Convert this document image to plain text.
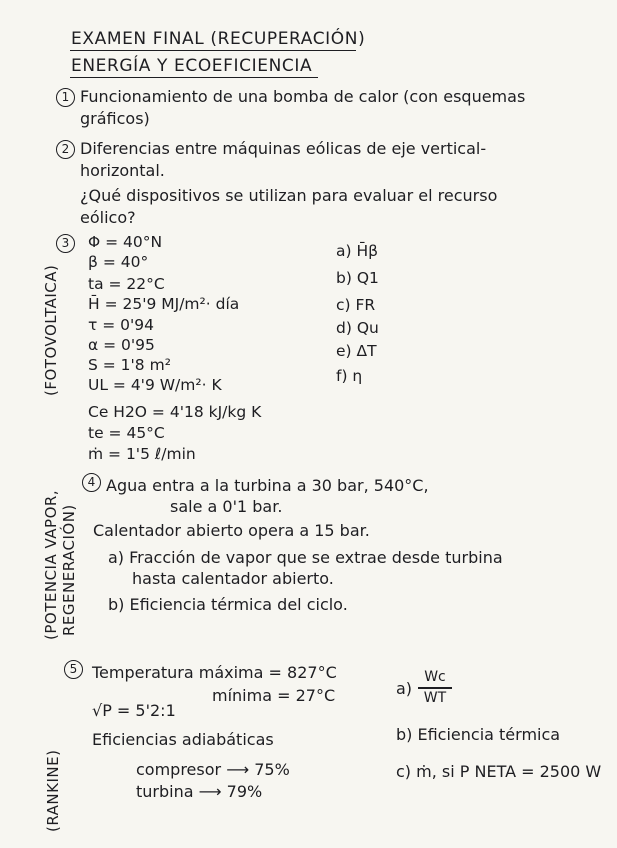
EXAMEN FINAL (RECUPERACIÓN)
ENERGÍA Y ECOEFICIENCIA
1 Funcionamiento de una bomba de calor (con esquemas
gráficos)
2 Diferencias entre máquinas eólicas de eje vertical-
horizontal.
¿Qué dispositivos se utilizan para evaluar el recurso
eólico?
3
(FOTOVOLTAICA)
Φ = 40°N
β = 40°
ta = 22°C
H̄ = 25'9 MJ/m²· día
τ = 0'94
α = 0'95
S = 1'8 m²
UL = 4'9 W/m²· K
Ce H2O = 4'18 kJ/kg K
te = 45°C
ṁ = 1'5 ℓ/min
a) H̄β
b) Q1
c) FR
d) Qu
e) ΔT
f) η
4
(POTENCIA VAPOR, REGENERACIÓN)
Agua entra a la turbina a 30 bar, 540°C,
sale a 0'1 bar.
Calentador abierto opera a 15 bar.
a) Fracción de vapor que se extrae desde turbina
hasta calentador abierto.
b) Eficiencia térmica del ciclo.
5
(RANKINE)
Temperatura máxima = 827°C
mínima = 27°C
√P = 5'2:1
Eficiencias adiabáticas
compresor ⟶ 75%
turbina ⟶ 79%
a)
Wc
WT
b) Eficiencia térmica
c) ṁ, si P NETA = 2500 W
